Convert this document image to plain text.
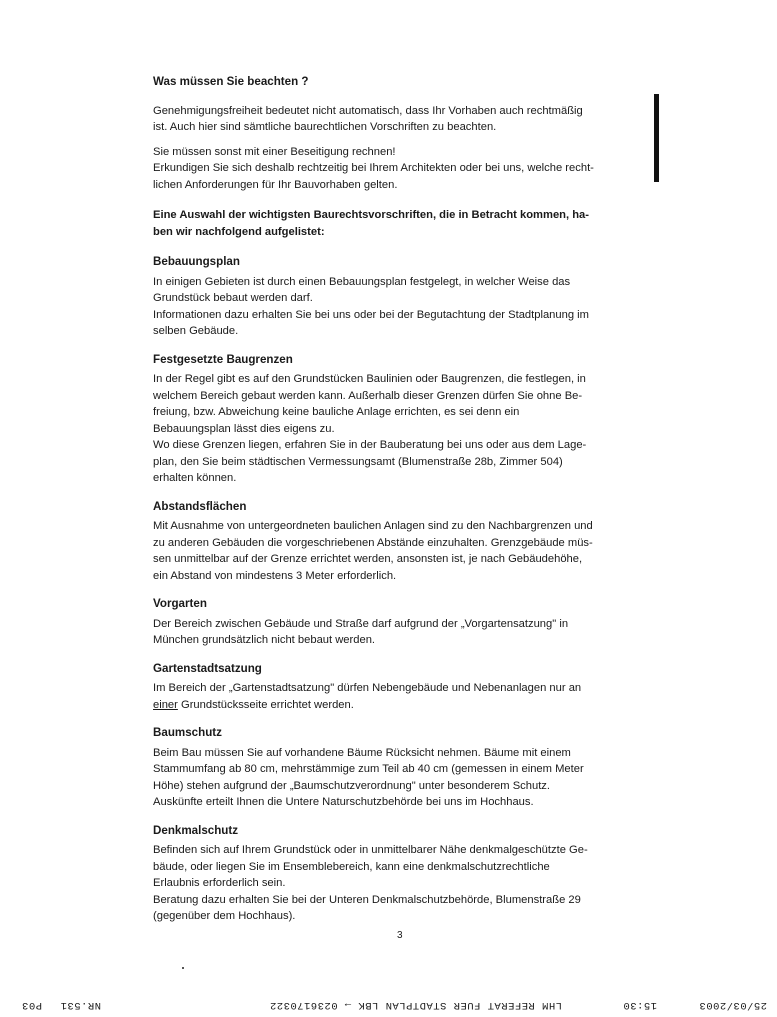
Was müssen Sie beachten ?

Genehmigungsfreiheit bedeutet nicht automatisch, dass Ihr Vorhaben auch rechtmäßig
ist. Auch hier sind sämtliche baurechtlichen Vorschriften zu beachten.

Sie müssen sonst mit einer Beseitigung rechnen!
Erkundigen Sie sich deshalb rechtzeitig bei Ihrem Architekten oder bei uns, welche recht-
lichen Anforderungen für Ihr Bauvorhaben gelten.

Eine Auswahl der wichtigsten Baurechtsvorschriften, die in Betracht kommen, ha-
ben wir nachfolgend aufgelistet:

Bebauungsplan

In einigen Gebieten ist durch einen Bebauungsplan festgelegt, in welcher Weise das
Grundstück bebaut werden darf.
Informationen dazu erhalten Sie bei uns oder bei der Begutachtung der Stadtplanung im
selben Gebäude.

Festgesetzte Baugrenzen

In der Regel gibt es auf den Grundstücken Baulinien oder Baugrenzen, die festlegen, in
welchem Bereich gebaut werden kann. Außerhalb dieser Grenzen dürfen Sie ohne Be-
freiung, bzw. Abweichung keine bauliche Anlage errichten, es sei denn ein
Bebauungsplan lässt dies eigens zu.
Wo diese Grenzen liegen, erfahren Sie in der Bauberatung bei uns oder aus dem Lage-
plan, den Sie beim städtischen Vermessungsamt (Blumenstraße 28b, Zimmer 504)
erhalten können.

Abstandsflächen

Mit Ausnahme von untergeordneten baulichen Anlagen sind zu den Nachbargrenzen und
zu anderen Gebäuden die vorgeschriebenen Abstände einzuhalten. Grenzgebäude müs-
sen unmittelbar auf der Grenze errichtet werden, ansonsten ist, je nach Gebäudehöhe,
ein Abstand von mindestens 3 Meter erforderlich.

Vorgarten

Der Bereich zwischen Gebäude und Straße darf aufgrund der „Vorgartensatzung" in
München grundsätzlich nicht bebaut werden.

Gartenstadtsatzung

Im Bereich der „Gartenstadtsatzung" dürfen Nebengebäude und Nebenanlagen nur an
einer Grundstücksseite errichtet werden.

Baumschutz

Beim Bau müssen Sie auf vorhandene Bäume Rücksicht nehmen. Bäume mit einem
Stammumfang ab 80 cm, mehrstämmige zum Teil ab 40 cm (gemessen in einem Meter
Höhe) stehen aufgrund der „Baumschutzverordnung" unter besonderem Schutz.
Auskünfte erteilt Ihnen die Untere Naturschutzbehörde bei uns im Hochhaus.

Denkmalschutz

Befinden sich auf Ihrem Grundstück oder in unmittelbarer Nähe denkmalgeschützte Ge-
bäude, oder liegen Sie im Ensemblebereich, kann eine denkmalschutzrechtliche
Erlaubnis erforderlich sein.
Beratung dazu erhalten Sie bei der Unteren Denkmalschutzbehörde, Blumenstraße 29
(gegenüber dem Hochhaus).

3
25/03/2003
15:30
LHM REFERAT FUER STADTPLAN LBK → 0236170322
NR.531
P03
